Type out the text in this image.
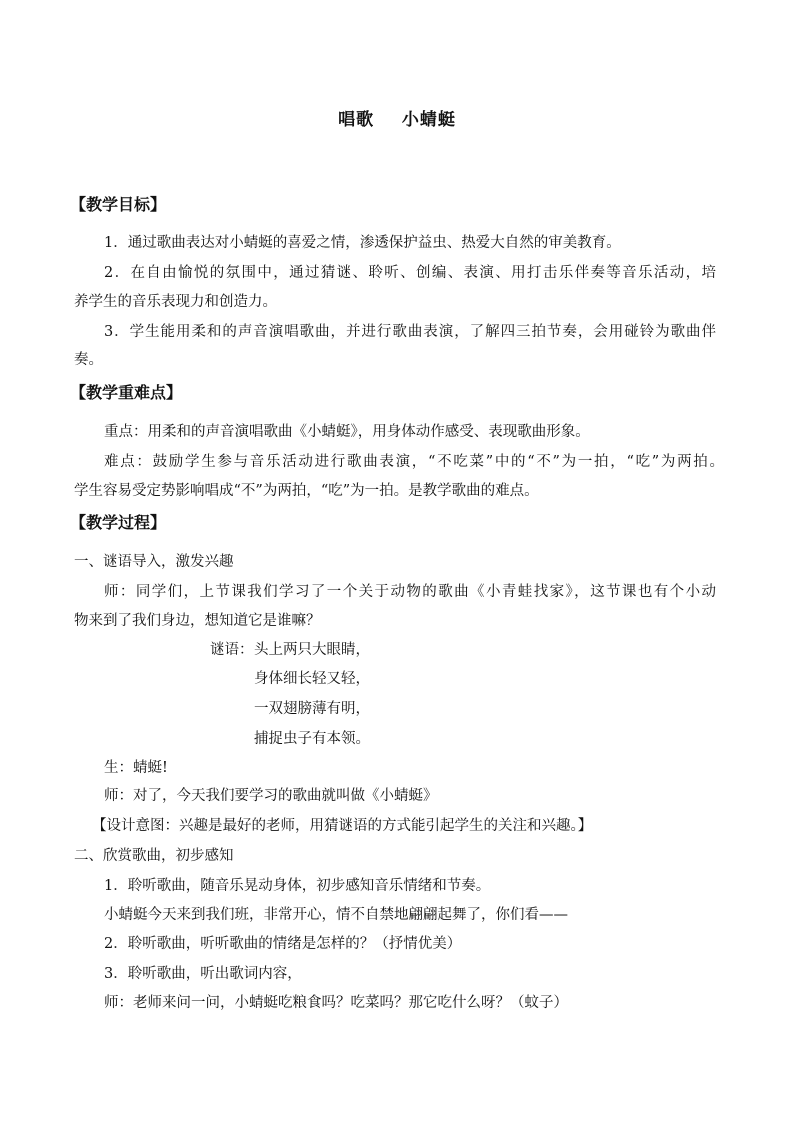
唱歌    小蜻蜓
【教学目标】
1．通过歌曲表达对小蜻蜓的喜爱之情，渗透保护益虫、热爱大自然的审美教育。
2．在自由愉悦的氛围中，通过猜谜、聆听、创编、表演、用打击乐伴奏等音乐活动，培
养学生的音乐表现力和创造力。
3．学生能用柔和的声音演唱歌曲，并进行歌曲表演，了解四三拍节奏，会用碰铃为歌曲伴
奏。
【教学重难点】
重点：用柔和的声音演唱歌曲《小蜻蜓》，用身体动作感受、表现歌曲形象。
难点：鼓励学生参与音乐活动进行歌曲表演，“不吃菜”中的“不”为一拍，“吃”为两拍。
学生容易受定势影响唱成“不”为两拍，“吃”为一拍。是教学歌曲的难点。
【教学过程】
一、谜语导入，激发兴趣
师：同学们，上节课我们学习了一个关于动物的歌曲《小青蛙找家》，这节课也有个小动
物来到了我们身边，想知道它是谁嘛？
谜语： 头上两只大眼睛，
身体细长轻又轻，
一双翅膀薄有明，
捕捉虫子有本领。
生：蜻蜓!
师：对了，今天我们要学习的歌曲就叫做《小蜻蜓》
【设计意图：兴趣是最好的老师，用猜谜语的方式能引起学生的关注和兴趣。】
二、欣赏歌曲，初步感知
1．聆听歌曲，随音乐晃动身体，初步感知音乐情绪和节奏。
小蜻蜓今天来到我们班，非常开心，情不自禁地翩翩起舞了，你们看——
2．聆听歌曲，听听歌曲的情绪是怎样的？（抒情优美）
3．聆听歌曲，听出歌词内容，
师：老师来问一问，小蜻蜓吃粮食吗？吃菜吗？那它吃什么呀？（蚊子）
